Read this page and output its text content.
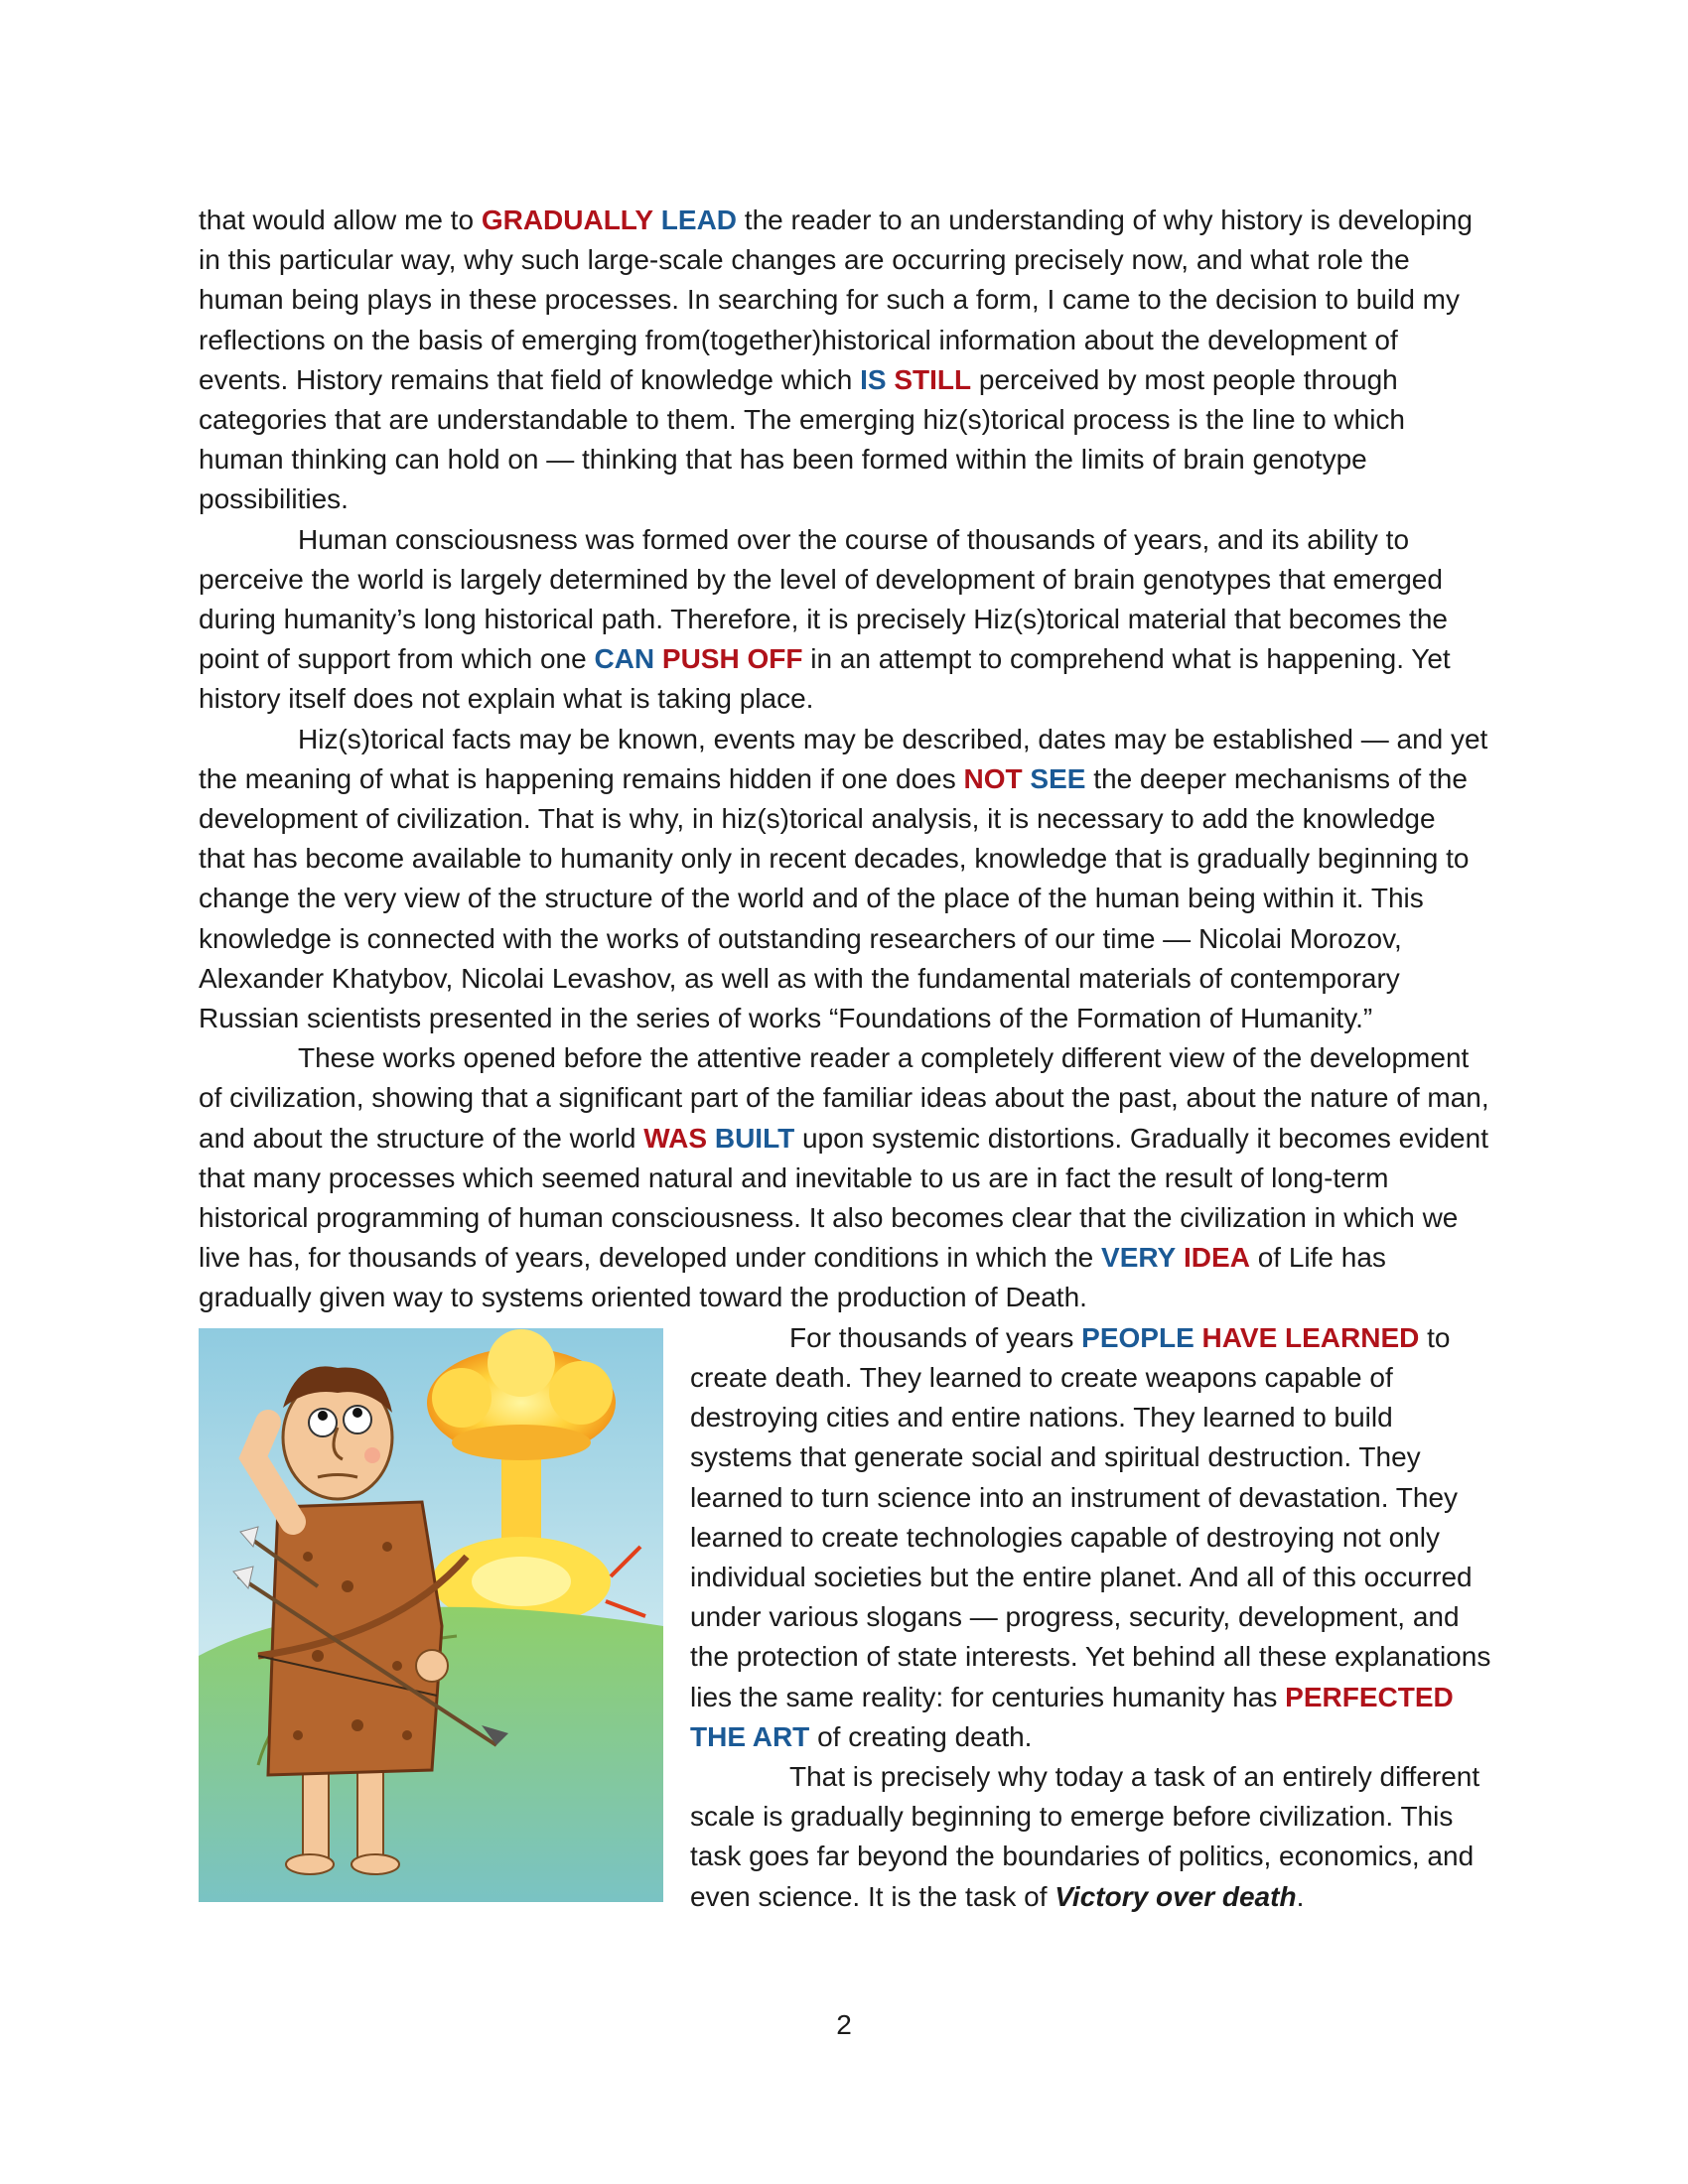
that would allow me to GRADUALLY LEAD the reader to an understanding of why history is developing in this particular way, why such large-scale changes are occurring precisely now, and what role the human being plays in these processes. In searching for such a form, I came to the decision to build my reflections on the basis of emerging from(together)historical information about the development of events. History remains that field of knowledge which IS STILL perceived by most people through categories that are understandable to them. The emerging hiz(s)torical process is the line to which human thinking can hold on — thinking that has been formed within the limits of brain genotype possibilities.

Human consciousness was formed over the course of thousands of years, and its ability to perceive the world is largely determined by the level of development of brain genotypes that emerged during humanity’s long historical path. Therefore, it is precisely Hiz(s)torical material that becomes the point of support from which one CAN PUSH OFF in an attempt to comprehend what is happening. Yet history itself does not explain what is taking place.

Hiz(s)torical facts may be known, events may be described, dates may be established — and yet the meaning of what is happening remains hidden if one does NOT SEE the deeper mechanisms of the development of civilization. That is why, in hiz(s)torical analysis, it is necessary to add the knowledge that has become available to humanity only in recent decades, knowledge that is gradually beginning to change the very view of the structure of the world and of the place of the human being within it. This knowledge is connected with the works of outstanding researchers of our time — Nicolai Morozov, Alexander Khatybov, Nicolai Levashov, as well as with the fundamental materials of contemporary Russian scientists presented in the series of works “Foundations of the Formation of Humanity.”

These works opened before the attentive reader a completely different view of the development of civilization, showing that a significant part of the familiar ideas about the past, about the nature of man, and about the structure of the world WAS BUILT upon systemic distortions. Gradually it becomes evident that many processes which seemed natural and inevitable to us are in fact the result of long-term historical programming of human consciousness. It also becomes clear that the civilization in which we live has, for thousands of years, developed under conditions in which the VERY IDEA of Life has gradually given way to systems oriented toward the production of Death.

For thousands of years PEOPLE HAVE LEARNED to create death. They learned to create weapons capable of destroying cities and entire nations. They learned to build systems that generate social and spiritual destruction. They learned to turn science into an instrument of devastation. They learned to create technologies capable of destroying not only individual societies but the entire planet. And all of this occurred under various slogans — progress, security, development, and the protection of state interests. Yet behind all these explanations lies the same reality: for centuries humanity has PERFECTED THE ART of creating death.

That is precisely why today a task of an entirely different scale is gradually beginning to emerge before civilization. This task goes far beyond the boundaries of politics, economics, and even science. It is the task of Victory over death.

2
